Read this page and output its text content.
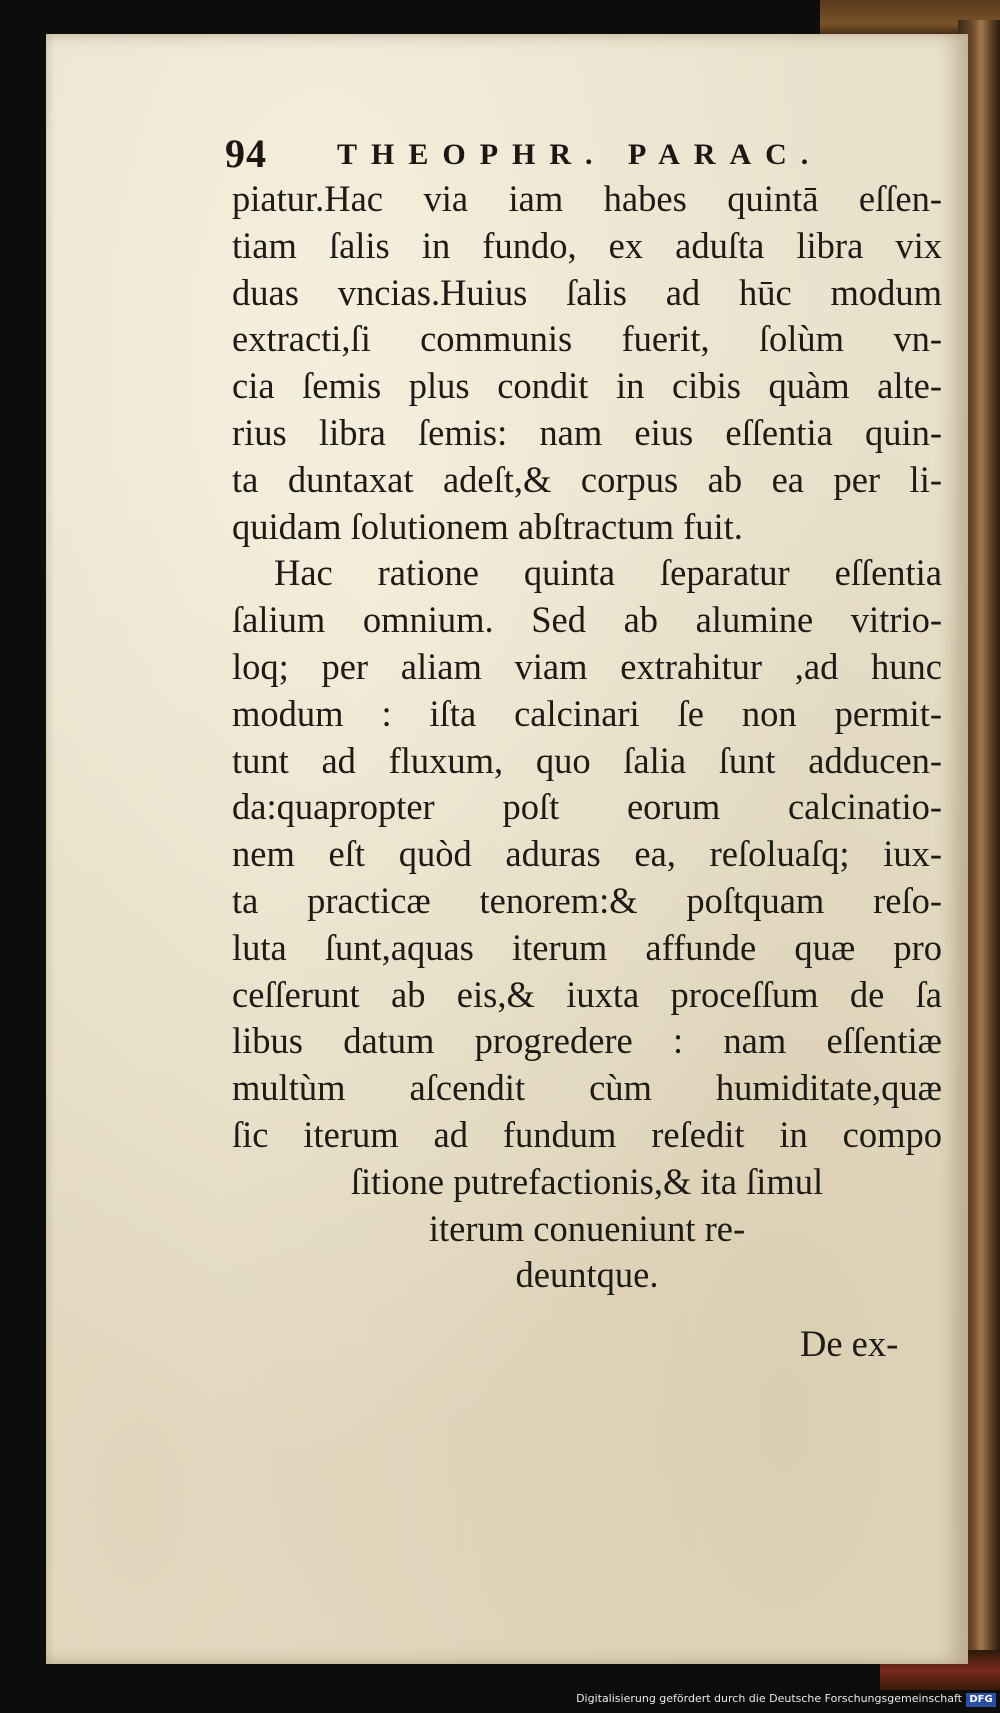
94 THEOPHR. PARAC.
piatur.Hac via iam habes quintā eſſen-
tiam ſalis in fundo, ex aduſta libra vix
duas vncias.Huius ſalis ad hūc modum
extracti,ſi communis fuerit, ſolùm vn-
cia ſemis plus condit in cibis quàm alte-
rius libra ſemis: nam eius eſſentia quin-
ta duntaxat adeſt,& corpus ab ea per li-
quidam ſolutionem abſtractum fuit.
Hac ratione quinta ſeparatur eſſentia
ſalium omnium. Sed ab alumine vitrio-
loq; per aliam viam extrahitur ,ad hunc
modum : iſta calcinari ſe non permit-
tunt ad fluxum, quo ſalia ſunt adducen-
da:quapropter poſt eorum calcinatio-
nem eſt quòd aduras ea, reſoluaſq; iux-
ta practicæ tenorem:& poſtquam reſo-
luta ſunt,aquas iterum affunde quæ pro
ceſſerunt ab eis,& iuxta proceſſum de ſa
libus datum progredere : nam eſſentiæ
multùm aſcendit cùm humiditate,quæ
ſic iterum ad fundum reſedit in compo
ſitione putrefactionis,& ita ſimul
iterum conueniunt re-
deuntque.
De ex-
Digitalisierung gefördert durch die Deutsche Forschungsgemeinschaft DFG
